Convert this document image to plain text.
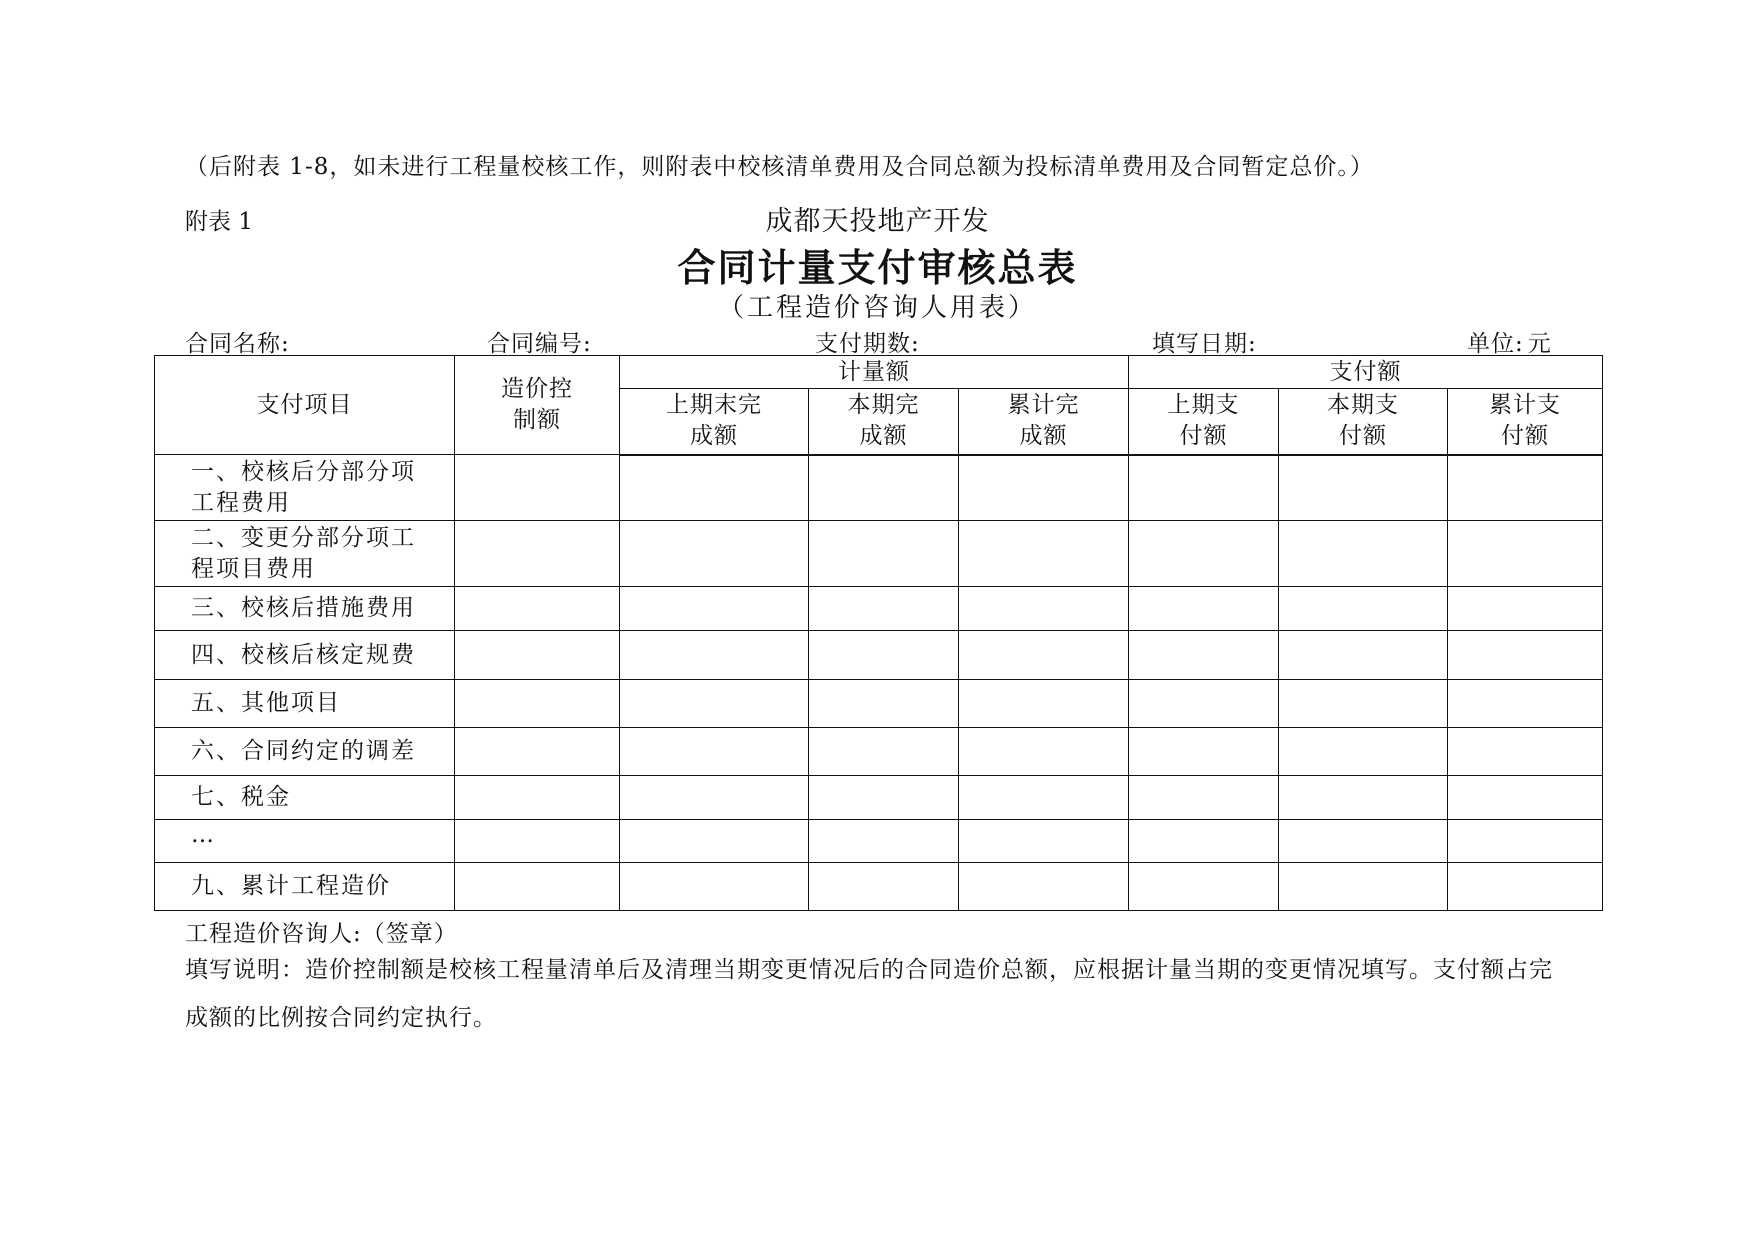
（后附表 1-8，如未进行工程量校核工作，则附表中校核清单费用及合同总额为投标清单费用及合同暂定总价。）
附表 1	成都天投地产开发
合同计量支付审核总表
（工程造价咨询人用表）
合同名称:	合同编号:	支付期数:	填写日期:	单位: 元
支付项目	造价控制额	计量额			支付额		
		上期末完成额	本期完成额	累计完成额	上期支付额	本期支付额	累计支付额
一、校核后分部分项工程费用							
二、变更分部分项工程项目费用							
三、校核后措施费用							
四、校核后核定规费							
五、其他项目							
六、合同约定的调差							
七、税金							
…							
九、累计工程造价							
工程造价咨询人:（签章）
填写说明：造价控制额是校核工程量清单后及清理当期变更情况后的合同造价总额，应根据计量当期的变更情况填写。支付额占完成额的比例按合同约定执行。
